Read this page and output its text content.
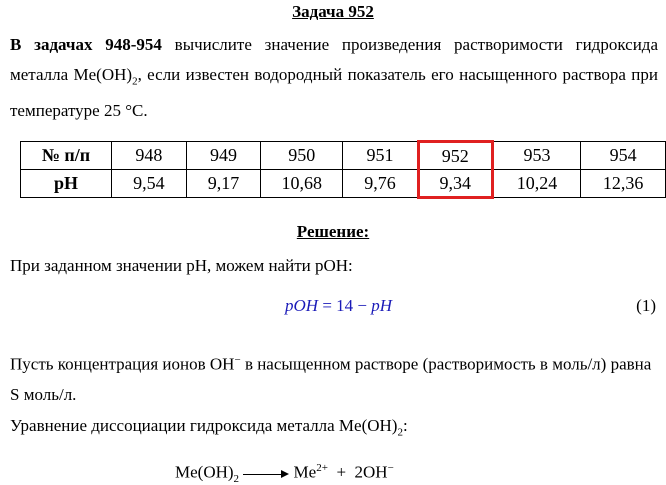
Задача 952
В задачах 948-954 вычислите значение произведения растворимости гидроксида металла $Me(OH)_2$, если известен водородный показатель его насыщенного раствора при температуре 25 °C.
№ п/п	948	949	950	951	952	953	954
pH	9,54	9,17	10,68	9,76	9,34	10,24	12,36
Решение:
При заданном значении pH, можем найти pOH:
pOH = 14 − pH	(1)
Пусть концентрация ионов OH− в насыщенном растворе (растворимость в моль/л) равна S моль/л.
Уравнение диссоциации гидроксида металла $Me(OH)_2$:
$Me(OH)_2$	$Me^{2+} + 2OH^-$
